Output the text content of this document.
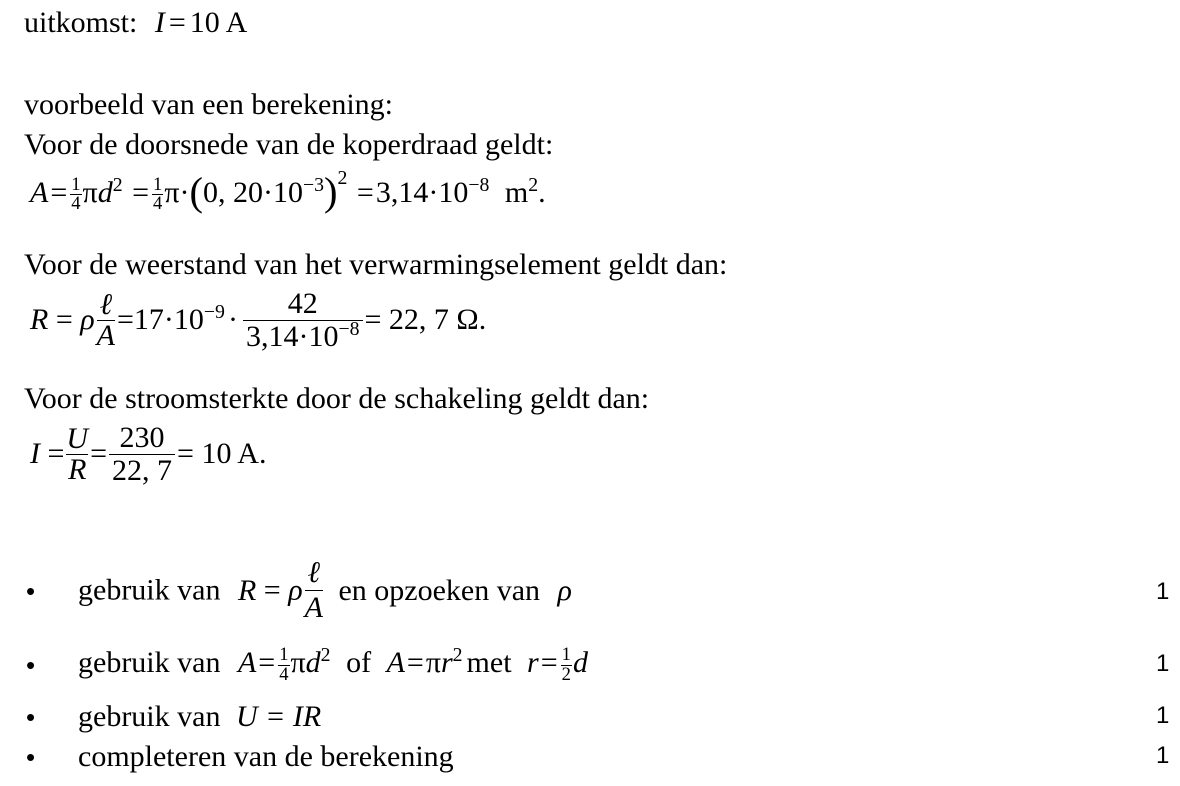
uitkomst: I = 10 A
voorbeeld van een berekening:
Voor de doorsnede van de koperdraad geldt:
$A= \frac{1}{4} \pi d^2 = \frac{1}{4} \pi\cdot(0$, $20\cdot 10^{-3})^2 =3,14\cdot 10^{-8}$ $m^2$.
Voor de weerstand van het verwarmingselement geldt dan:
R = ρ $\frac{\text{ℓ}}{A} =17\cdot 10^{-9} \cdot \frac{42}{3,14\cdot 10^{-8}} = 22$, 7 Ω.
Voor de stroomsterkte door de schakeling geldt dan:
$I = \frac{U}{R} = \frac{230}{22, 7} = 10$ A.
• gebruik van R = ρ $\frac{\text{ℓ}}{A}$ en opzoeken van ρ	1
• gebruik van $A= \frac{1}{4} \pi d^2$ of $A=\pi r^2$ met $r= \frac{1}{2}$ d	1
• gebruik van U = IR	1
• completeren van de berekening	1
